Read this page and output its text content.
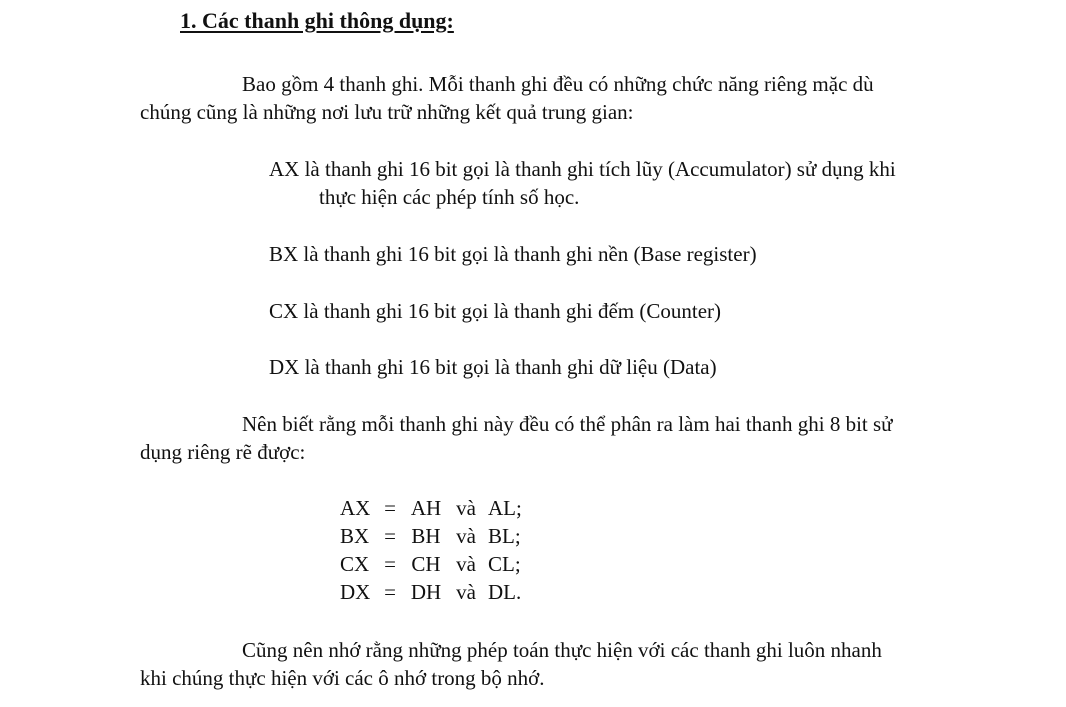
1. Các thanh ghi thông dụng:

Bao gồm 4 thanh ghi. Mỗi thanh ghi đều có những chức năng riêng mặc dù
chúng cũng là những nơi lưu trữ những kết quả trung gian:

AX là thanh ghi 16 bit gọi là thanh ghi tích lũy (Accumulator) sử dụng khi
thực hiện các phép tính số học.

BX là thanh ghi 16 bit gọi là thanh ghi nền (Base register)

CX là thanh ghi 16 bit gọi là thanh ghi đếm (Counter)

DX là thanh ghi 16 bit gọi là thanh ghi dữ liệu (Data)

Nên biết rằng mỗi thanh ghi này đều có thể phân ra làm hai thanh ghi 8 bit sử
dụng riêng rẽ được:

AX = AH và AL;
BX = BH và BL;
CX = CH và CL;
DX = DH và DL.

Cũng nên nhớ rằng những phép toán thực hiện với các thanh ghi luôn nhanh
khi chúng thực hiện với các ô nhớ trong bộ nhớ.
